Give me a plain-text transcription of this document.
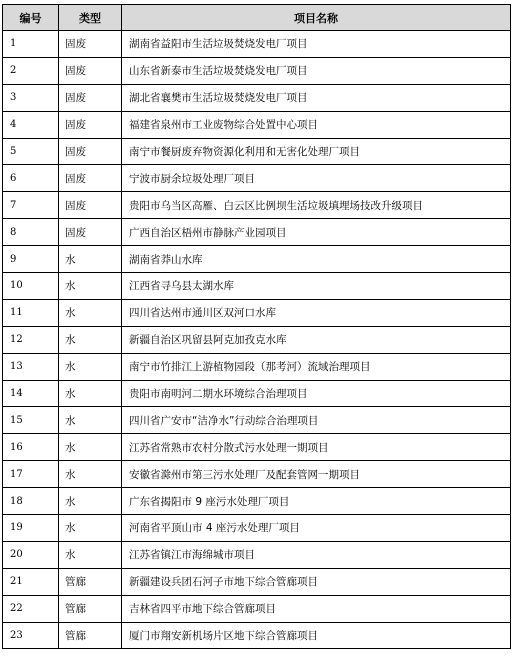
编号	类型	项目名称
1	固废	湖南省益阳市生活垃圾焚烧发电厂项目
2	固废	山东省新泰市生活垃圾焚烧发电厂项目
3	固废	湖北省襄樊市生活垃圾焚烧发电厂项目
4	固废	福建省泉州市工业废物综合处置中心项目
5	固废	南宁市餐厨废弃物资源化利用和无害化处理厂项目
6	固废	宁波市厨余垃圾处理厂项目
7	固废	贵阳市乌当区高雁、白云区比例坝生活垃圾填埋场技改升级项目
8	固废	广西自治区梧州市静脉产业园项目
9	水	湖南省莽山水库
10	水	江西省寻乌县太湖水库
11	水	四川省达州市通川区双河口水库
12	水	新疆自治区巩留县阿克加孜克水库
13	水	南宁市竹排江上游植物园段（那考河）流域治理项目
14	水	贵阳市南明河二期水环境综合治理项目
15	水	四川省广安市“洁净水”行动综合治理项目
16	水	江苏省常熟市农村分散式污水处理一期项目
17	水	安徽省滁州市第三污水处理厂及配套管网一期项目
18	水	广东省揭阳市 9 座污水处理厂项目
19	水	河南省平顶山市 4 座污水处理厂项目
20	水	江苏省镇江市海绵城市项目
21	管廊	新疆建设兵团石河子市地下综合管廊项目
22	管廊	吉林省四平市地下综合管廊项目
23	管廊	厦门市翔安新机场片区地下综合管廊项目
